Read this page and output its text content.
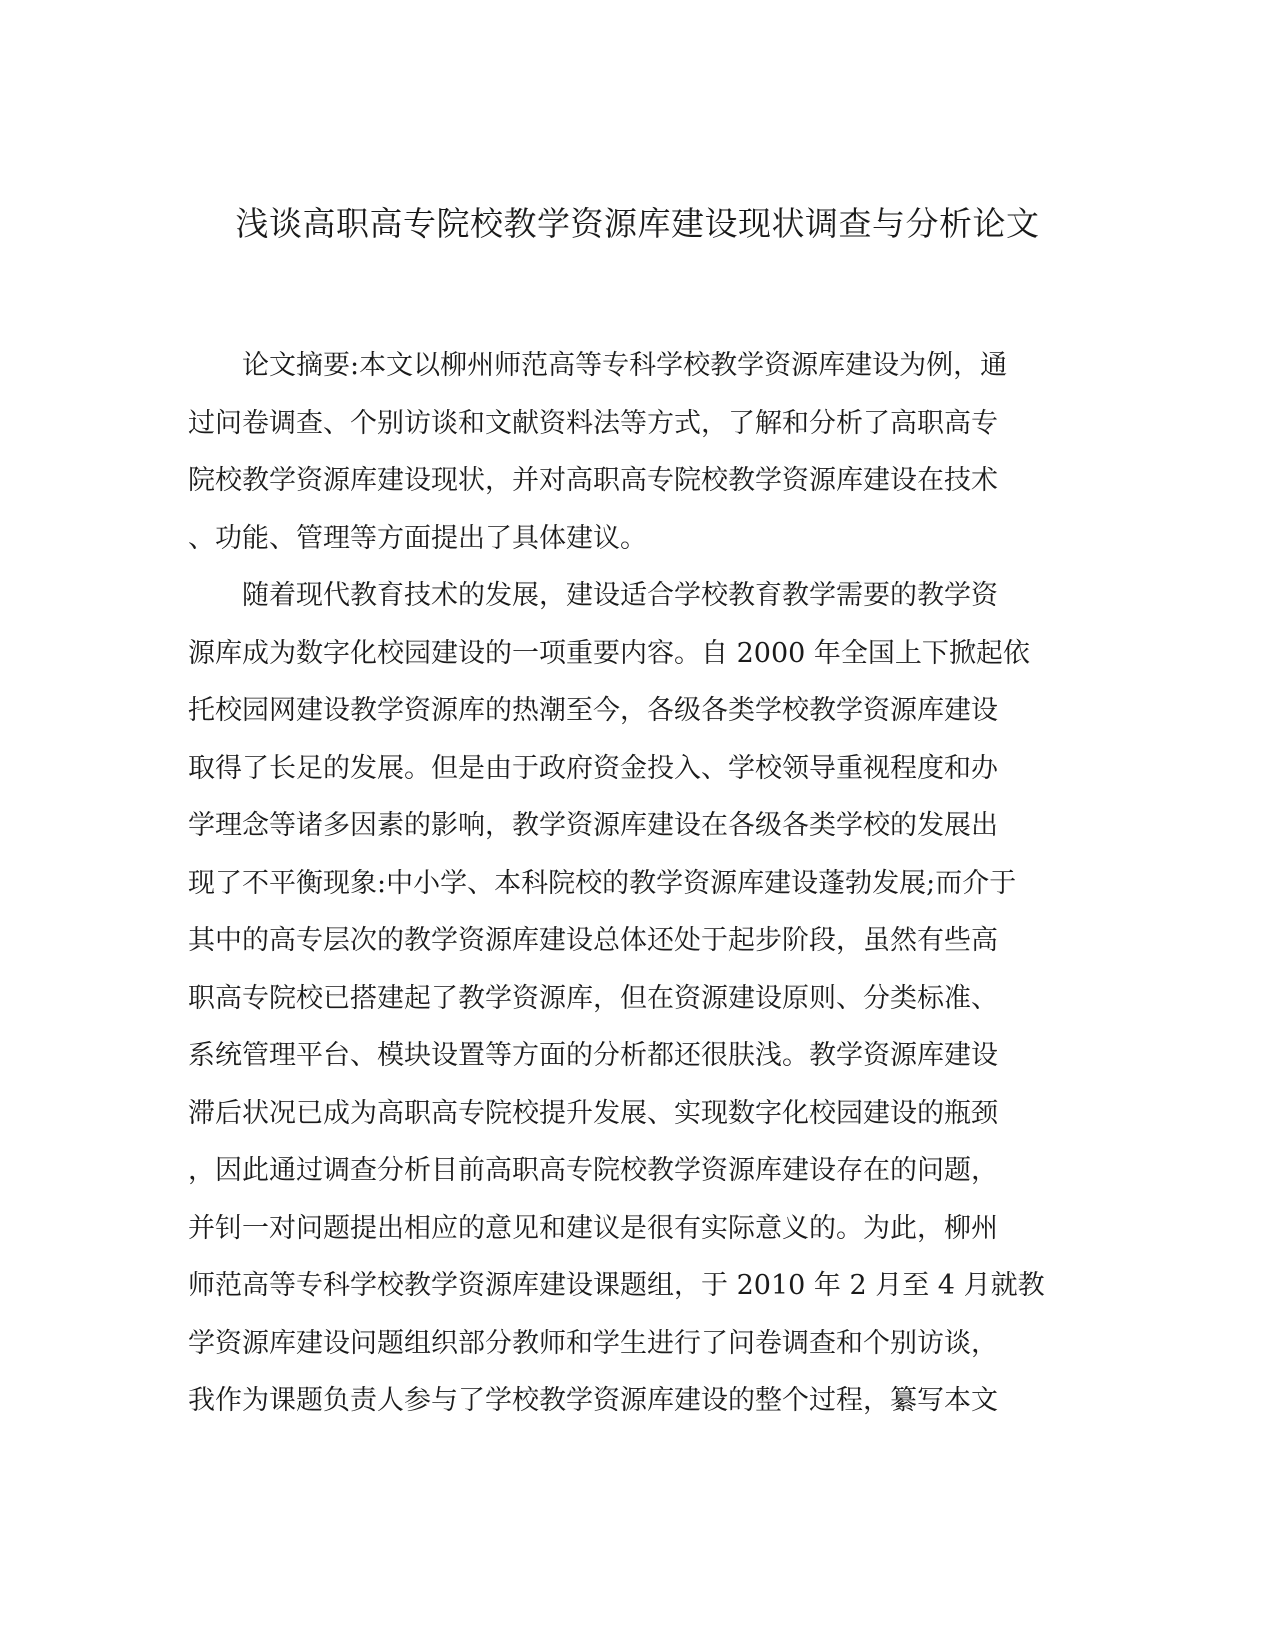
浅谈高职高专院校教学资源库建设现状调查与分析论文
　　论文摘要:本文以柳州师范高等专科学校教学资源库建设为例，通
过问卷调查、个别访谈和文献资料法等方式，了解和分析了高职高专
院校教学资源库建设现状，并对高职高专院校教学资源库建设在技术
、功能、管理等方面提出了具体建议。
　　随着现代教育技术的发展，建设适合学校教育教学需要的教学资
源库成为数字化校园建设的一项重要内容。自 2000 年全国上下掀起依
托校园网建设教学资源库的热潮至今，各级各类学校教学资源库建设
取得了长足的发展。但是由于政府资金投入、学校领导重视程度和办
学理念等诸多因素的影响，教学资源库建设在各级各类学校的发展出
现了不平衡现象:中小学、本科院校的教学资源库建设蓬勃发展;而介于
其中的高专层次的教学资源库建设总体还处于起步阶段，虽然有些高
职高专院校已搭建起了教学资源库，但在资源建设原则、分类标准、
系统管理平台、模块设置等方面的分析都还很肤浅。教学资源库建设
滞后状况已成为高职高专院校提升发展、实现数字化校园建设的瓶颈
，因此通过调查分析目前高职高专院校教学资源库建设存在的问题，
并钊一对问题提出相应的意见和建议是很有实际意义的。为此，柳州
师范高等专科学校教学资源库建设课题组，于 2010 年 2 月至 4 月就教
学资源库建设问题组织部分教师和学生进行了问卷调查和个别访谈，
我作为课题负责人参与了学校教学资源库建设的整个过程，纂写本文
